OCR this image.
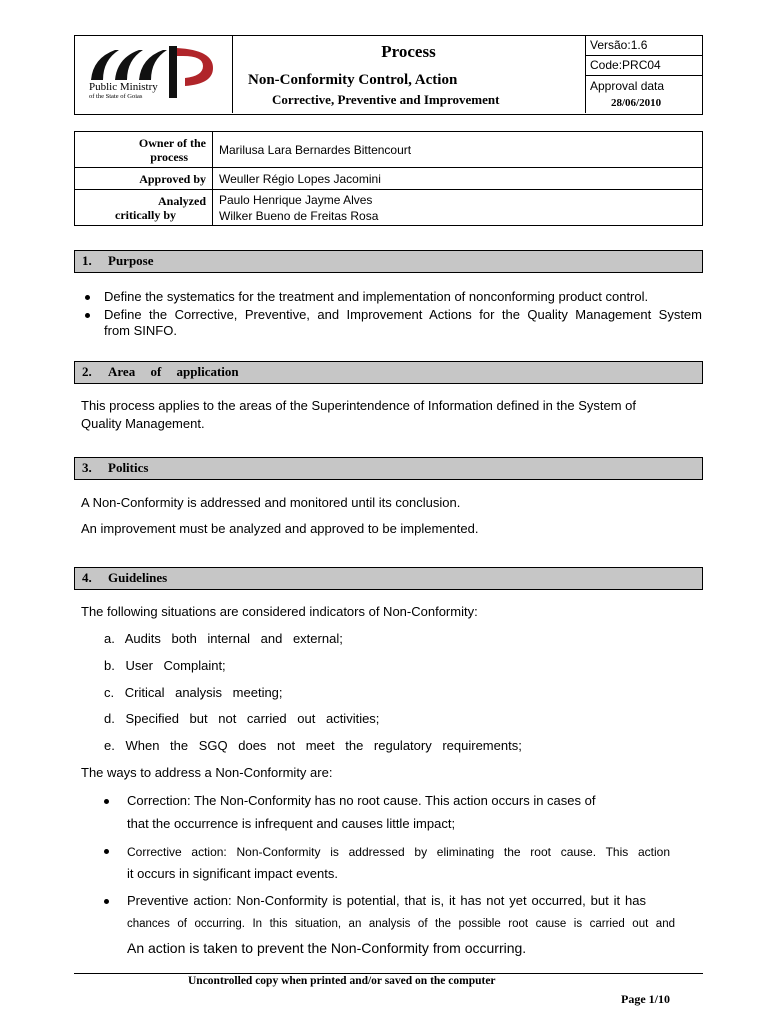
Public Ministry
of the State of Goias
Process
Non-Conformity Control, Action
Corrective, Preventive and Improvement
Versão:1.6
Code:PRC04
Approval data
28/06/2010
Owner of the
process	Marilusa Lara Bernardes Bittencourt
Approved by	Weuller Régio Lopes Jacomini
Analyzed
critically by	Paulo Henrique Jayme Alves
Wilker Bueno de Freitas Rosa
1. Purpose
Define the systematics for the treatment and implementation of nonconforming product control.
Define the Corrective, Preventive, and Improvement Actions for the Quality Management System
from SINFO.
2. Area of application
This process applies to the areas of the Superintendence of Information defined in the System of
Quality Management.
3. Politics
A Non-Conformity is addressed and monitored until its conclusion.
An improvement must be analyzed and approved to be implemented.
4. Guidelines
The following situations are considered indicators of Non-Conformity:
a. Audits both internal and external;
b. User Complaint;
c. Critical analysis meeting;
d. Specified but not carried out activities;
e. When the SGQ does not meet the regulatory requirements;
The ways to address a Non-Conformity are:
Correction: The Non-Conformity has no root cause. This action occurs in cases of
that the occurrence is infrequent and causes little impact;
Corrective action: Non-Conformity is addressed by eliminating the root cause. This action
it occurs in significant impact events.
Preventive action: Non-Conformity is potential, that is, it has not yet occurred, but it has
chances of occurring. In this situation, an analysis of the possible root cause is carried out and
An action is taken to prevent the Non-Conformity from occurring.
Uncontrolled copy when printed and/or saved on the computer
Page 1/10
